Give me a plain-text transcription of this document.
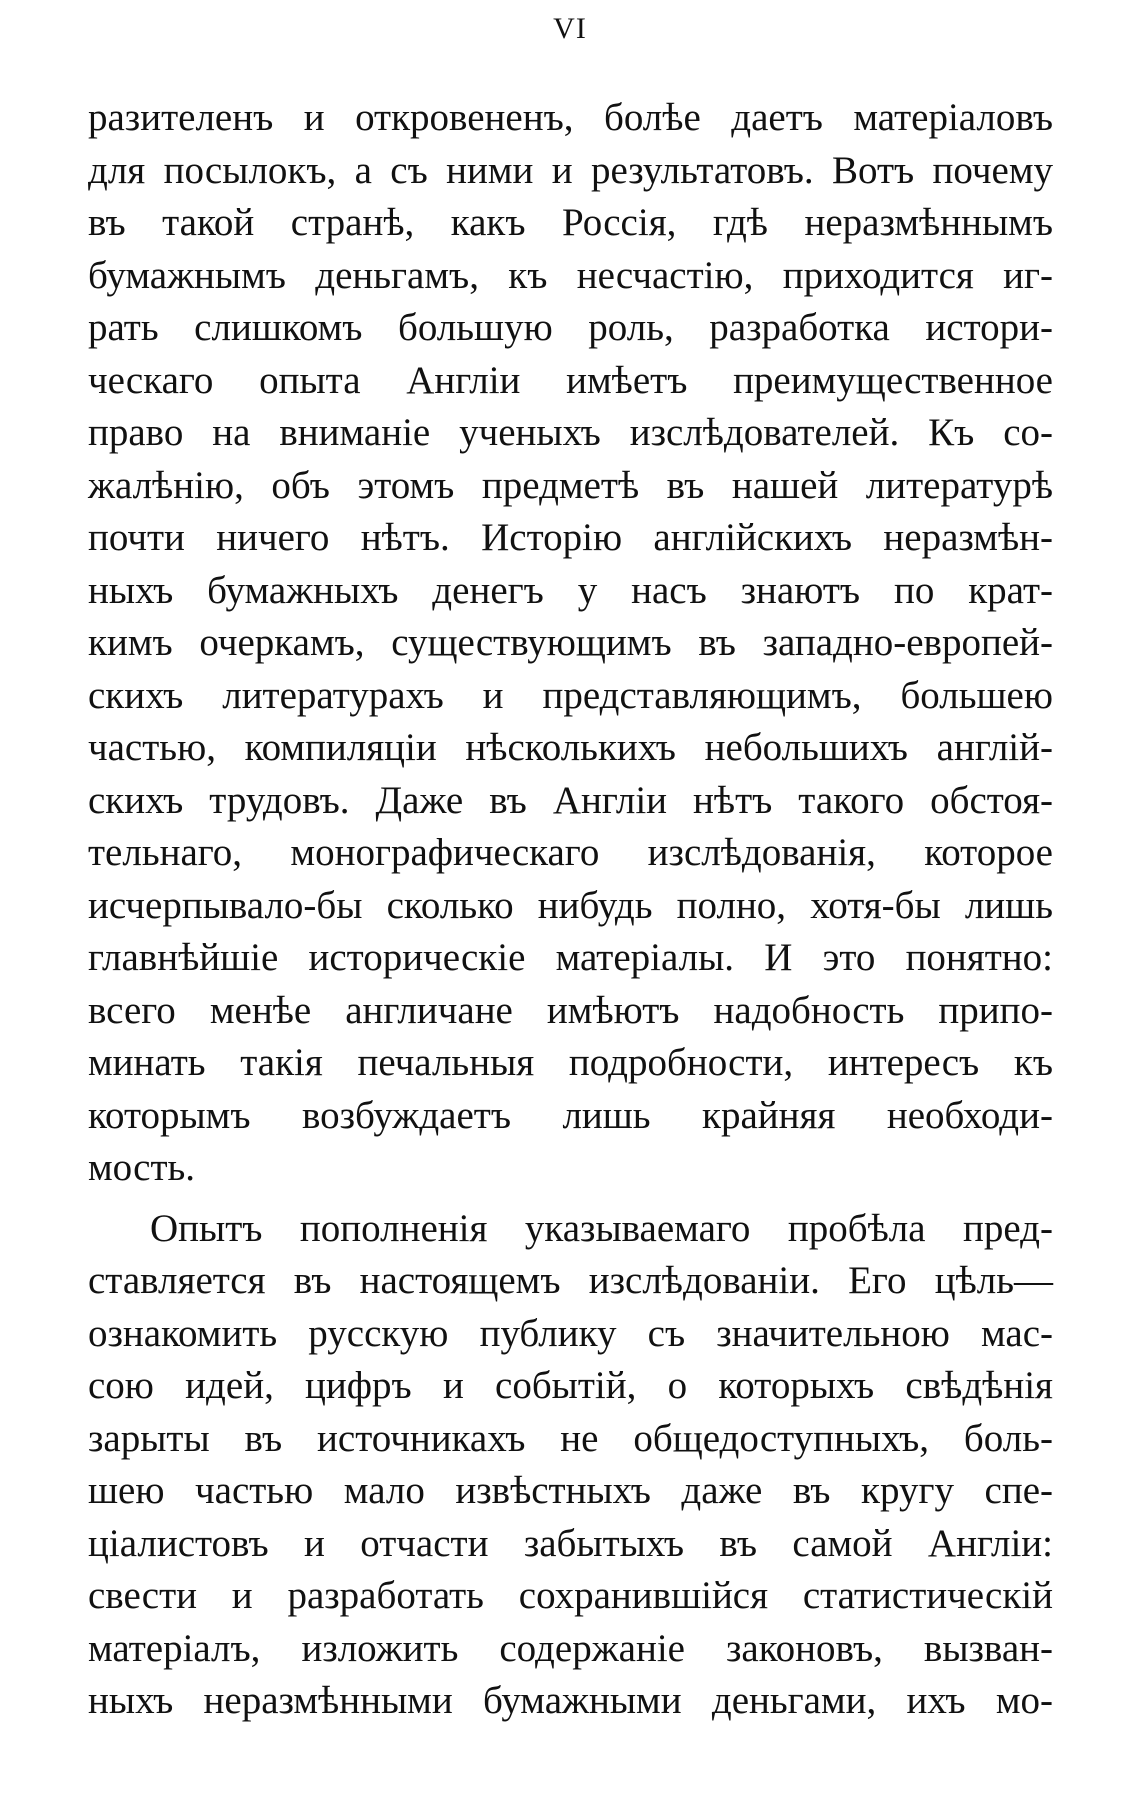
VI
разителенъ и откровененъ, болѣе даетъ матеріаловъ
для посылокъ, а съ ними и результатовъ. Вотъ почему
въ такой странѣ, какъ Россія, гдѣ неразмѣннымъ
бумажнымъ деньгамъ, къ несчастію, приходится иг-
рать слишкомъ большую роль, разработка истори-
ческаго опыта Англіи имѣетъ преимущественное
право на вниманіе ученыхъ изслѣдователей. Къ со-
жалѣнію, объ этомъ предметѣ въ нашей литературѣ
почти ничего нѣтъ. Исторію англійскихъ неразмѣн-
ныхъ бумажныхъ денегъ у насъ знаютъ по крат-
кимъ очеркамъ, существующимъ въ западно-европей-
скихъ литературахъ и представляющимъ, большею
частью, компиляціи нѣсколькихъ небольшихъ англій-
скихъ трудовъ. Даже въ Англіи нѣтъ такого обстоя-
тельнаго, монографическаго изслѣдованія, которое
исчерпывало-бы сколько нибудь полно, хотя-бы лишь
главнѣйшіе историческіе матеріалы. И это понятно:
всего менѣе англичане имѣютъ надобность припо-
минать такія печальныя подробности, интересъ къ
которымъ возбуждаетъ лишь крайняя необходи-
мость.
Опытъ пополненія указываемаго пробѣла пред-
ставляется въ настоящемъ изслѣдованіи. Его цѣль—
ознакомить русскую публику съ значительною мас-
сою идей, цифръ и событій, о которыхъ свѣдѣнія
зарыты въ источникахъ не общедоступныхъ, боль-
шею частью мало извѣстныхъ даже въ кругу спе-
ціалистовъ и отчасти забытыхъ въ самой Англіи:
свести и разработать сохранившійся статистическій
матеріалъ, изложить содержаніе законовъ, вызван-
ныхъ неразмѣнными бумажными деньгами, ихъ мо-
